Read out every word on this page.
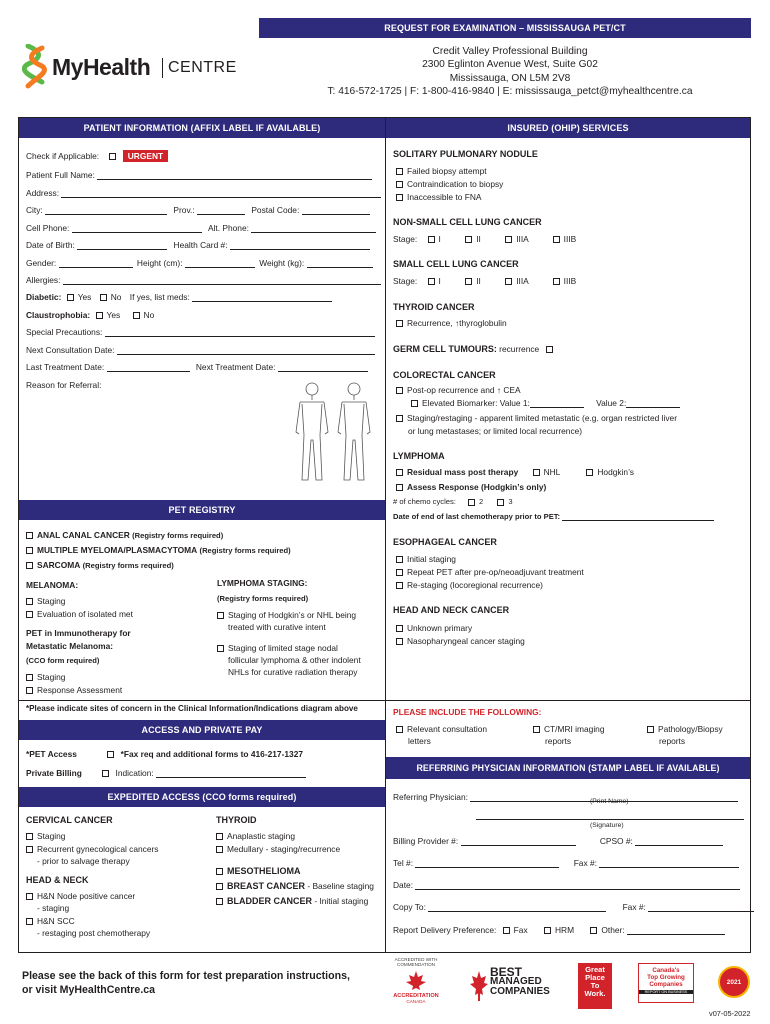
REQUEST FOR EXAMINATION – MISSISSAUGA PET/CT
MyHealth CENTRE
Credit Valley Professional Building
2300 Eglinton Avenue West, Suite G02
Mississauga, ON L5M 2V8
T: 416-572-1725 | F: 1-800-416-9840 | E: mississauga_petct@myhealthcentre.ca
PATIENT INFORMATION (AFFIX LABEL IF AVAILABLE)
Check if Applicable:	URGENT
Patient Full Name:
Address:
City:	Prov.:	Postal Code:
Cell Phone:	Alt. Phone:
Date of Birth:	Health Card #:
Gender:	Height (cm):	Weight (kg):
Allergies:
Diabetic: Yes No If yes, list meds:
Claustrophobia: Yes	No
Special Precautions:
Next Consultation Date:
Last Treatment Date:	Next Treatment Date:
Reason for Referral:
PET REGISTRY
ANAL CANAL CANCER (Registry forms required)
MULTIPLE MYELOMA/PLASMACYTOMA (Registry forms required)
SARCOMA (Registry forms required)
MELANOMA:
Staging
Evaluation of isolated met
PET in Immunotherapy for
Metastatic Melanoma:
(CCO form required)
Staging
Response Assessment
LYMPHOMA STAGING:
(Registry forms required)
Staging of Hodgkin’s or NHL being
treated with curative intent
Staging of limited stage nodal
follicular lymphoma & other indolent
NHLs for curative radiation therapy
*Please indicate sites of concern in the Clinical Information/Indications diagram above
ACCESS AND PRIVATE PAY
*PET Access	*Fax req and additional forms to 416-217-1327
Private Billing	Indication:
EXPEDITED ACCESS (CCO forms required)
CERVICAL CANCER
Staging
Recurrent gynecological cancers
- prior to salvage therapy
HEAD & NECK
H&N Node positive cancer
- staging
H&N SCC
- restaging post chemotherapy
THYROID
Anaplastic staging
Medullary - staging/recurrence
MESOTHELIOMA
BREAST CANCER - Baseline staging
BLADDER CANCER - Initial staging
INSURED (OHIP) SERVICES
SOLITARY PULMONARY NODULE
Failed biopsy attempt
Contraindication to biopsy
Inaccessible to FNA
NON-SMALL CELL LUNG CANCER
Stage:	I	II	IIIA	IIIB
SMALL CELL LUNG CANCER
Stage:	I	II	IIIA	IIIB
THYROID CANCER
Recurrence, ↑thyroglobulin
GERM CELL TUMOURS: recurrence
COLORECTAL CANCER
Post-op recurrence and ↑ CEA
Elevated Biomarker: Value 1:	Value 2:
Staging/restaging - apparent limited metastatic (e.g. organ restricted liver
or lung metastases; or limited local recurrence)
LYMPHOMA
Residual mass post therapy	NHL	Hodgkin’s
Assess Response (Hodgkin’s only)
# of chemo cycles:	2	3
Date of end of last chemotherapy prior to PET:
ESOPHAGEAL CANCER
Initial staging
Repeat PET after pre-op/neoadjuvant treatment
Re-staging (locoregional recurrence)
HEAD AND NECK CANCER
Unknown primary
Nasopharyngeal cancer staging
PLEASE INCLUDE THE FOLLOWING:
Relevant consultation
letters
CT/MRI imaging
reports
Pathology/Biopsy
reports
REFERRING PHYSICIAN INFORMATION (STAMP LABEL IF AVAILABLE)
Referring Physician:	(Print Name)
(Signature)
Billing Provider #:	CPSO #:
Tel #:	Fax #:
Date:
Copy To:	Fax #:
Report Delivery Preference: Fax	HRM	Other:
Please see the back of this form for test preparation instructions,
or visit MyHealthCentre.ca
ACCREDITED WITH COMMENDATION
ACCREDITATION
CANADA
BEST
MANAGED
COMPANIES
Great
Place
To
Work.
Canada's
Top Growing
Companies
REPORT ON BUSINESS
2021
v07-05-2022
